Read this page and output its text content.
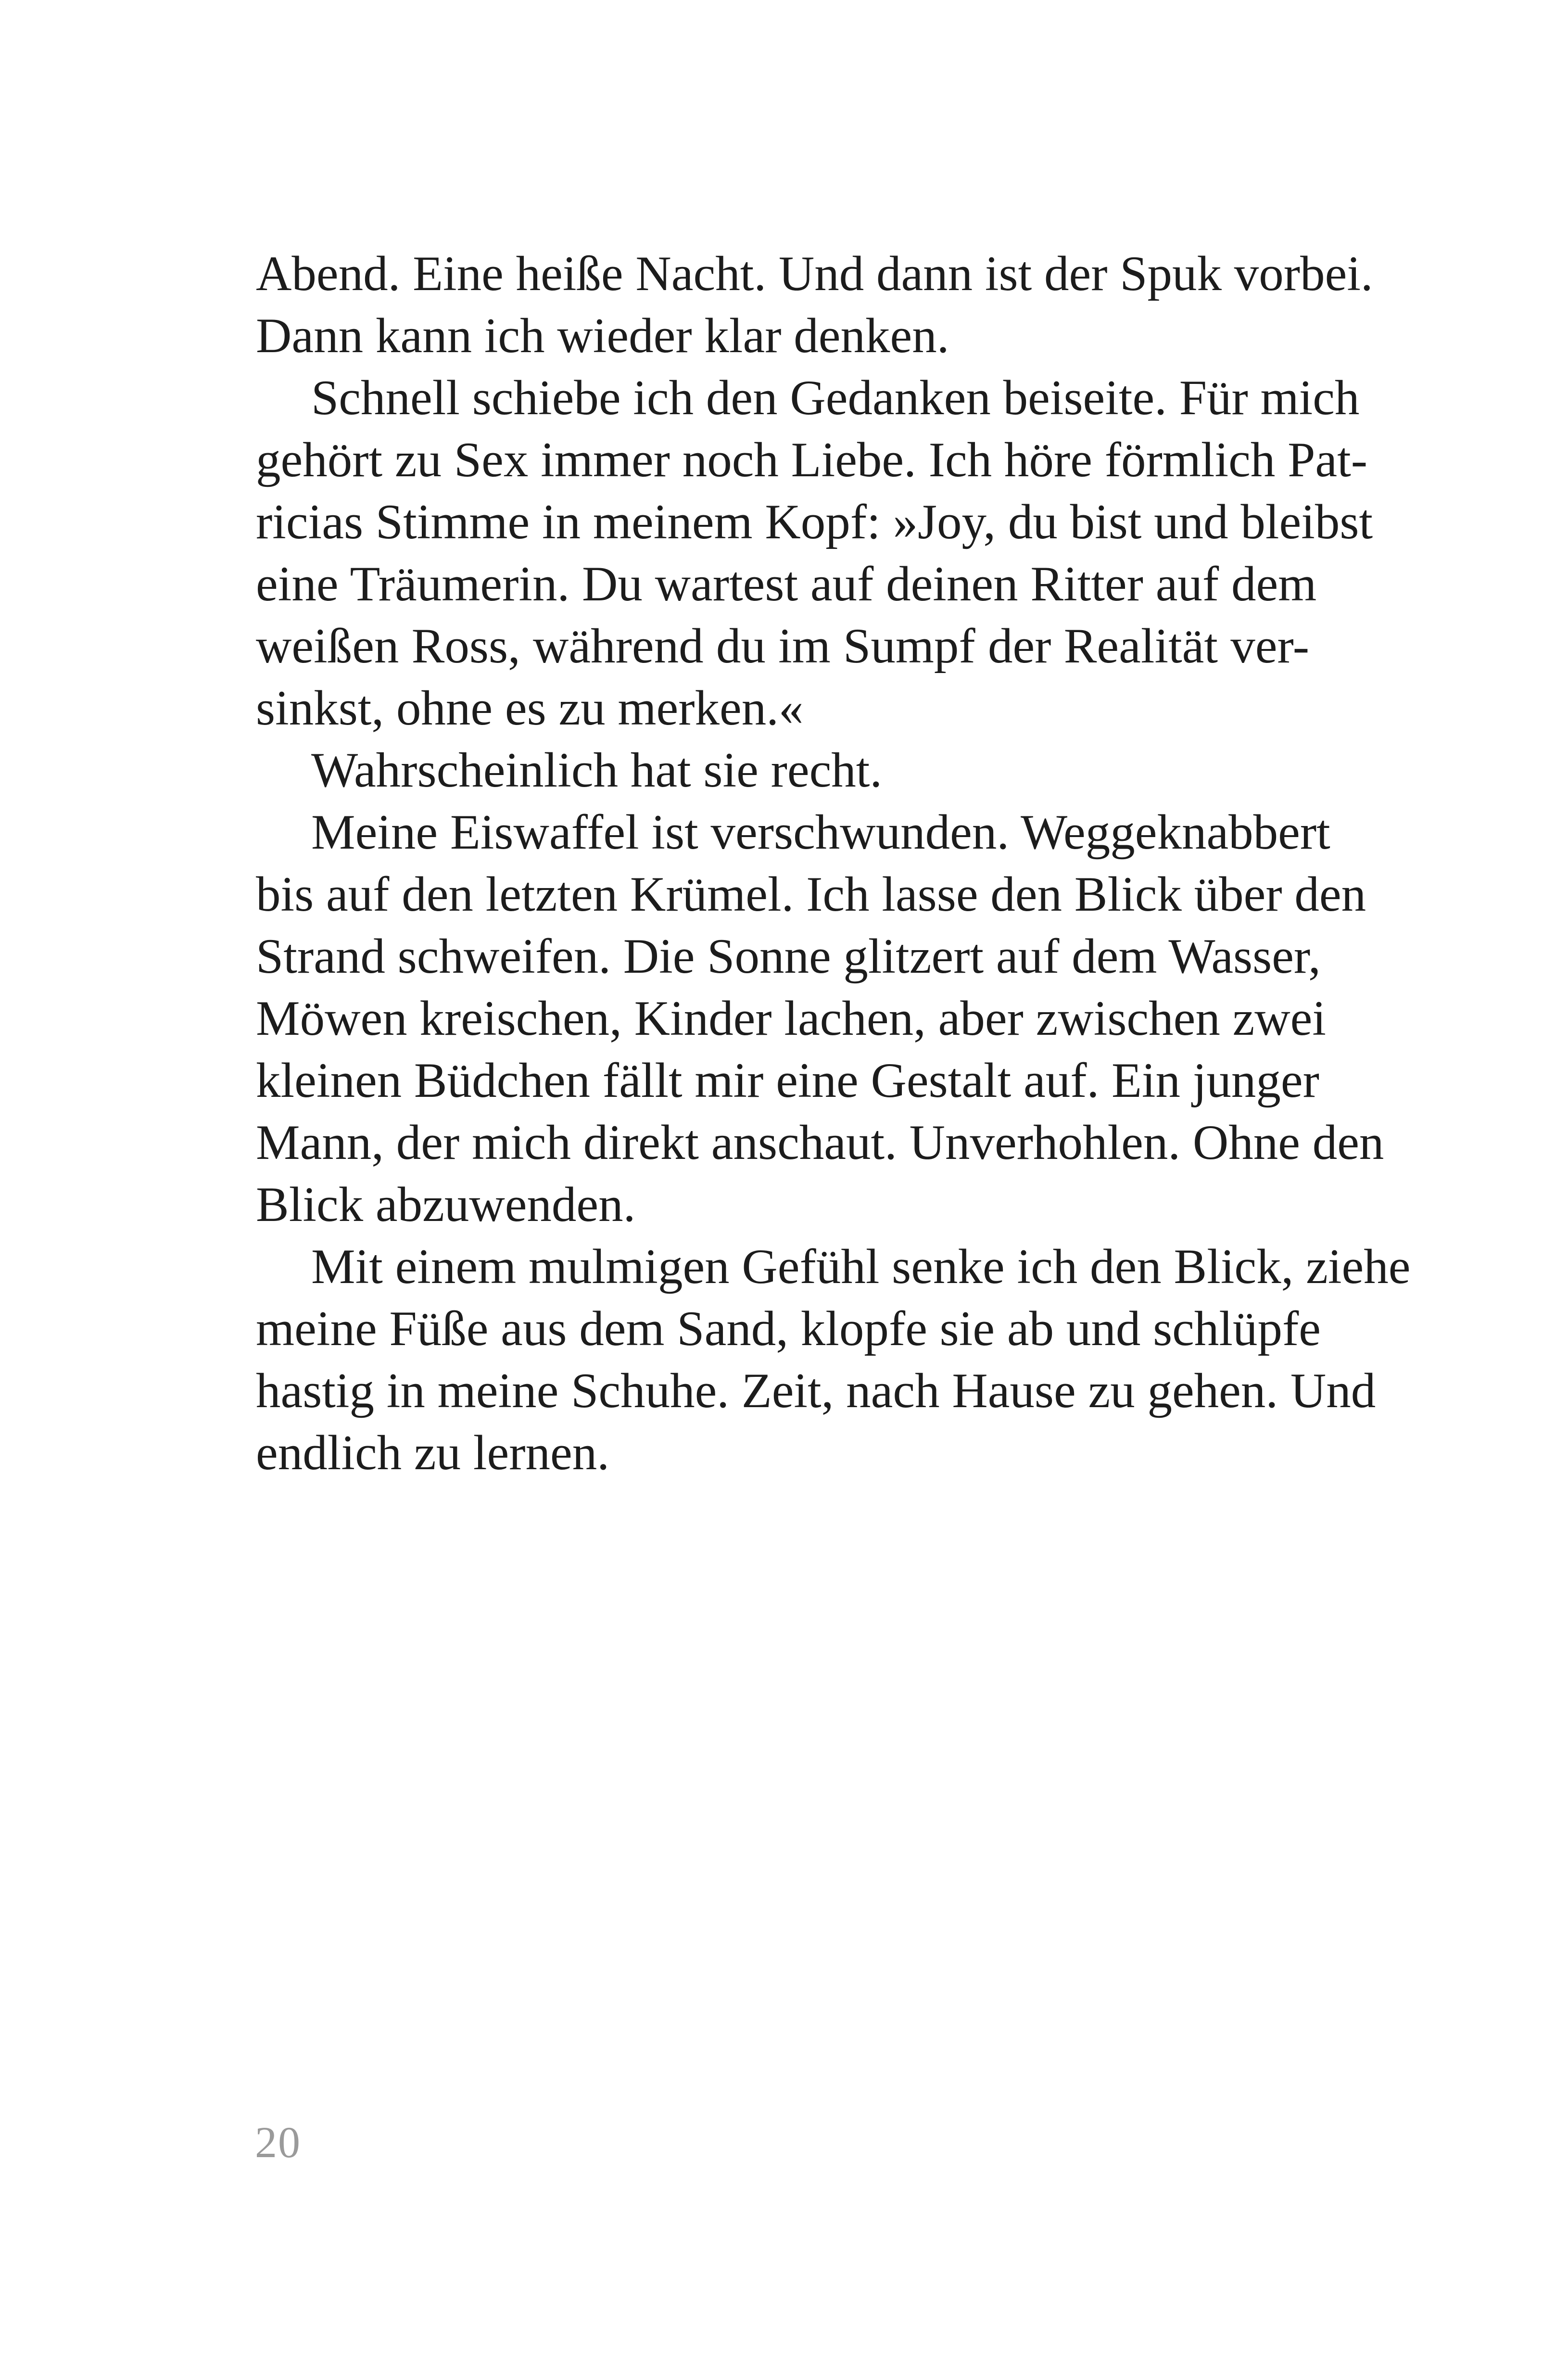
Abend. Eine heiße Nacht. Und dann ist der Spuk vorbei.
Dann kann ich wieder klar denken.
Schnell schiebe ich den Gedanken beiseite. Für mich
gehört zu Sex immer noch Liebe. Ich höre förmlich Pat-
ricias Stimme in meinem Kopf: »Joy, du bist und bleibst
eine Träumerin. Du wartest auf deinen Ritter auf dem
weißen Ross, während du im Sumpf der Realität ver-
sinkst, ohne es zu merken.«
Wahrscheinlich hat sie recht.
Meine Eiswaffel ist verschwunden. Weggeknabbert
bis auf den letzten Krümel. Ich lasse den Blick über den
Strand schweifen. Die Sonne glitzert auf dem Wasser,
Möwen kreischen, Kinder lachen, aber zwischen zwei
kleinen Büdchen fällt mir eine Gestalt auf. Ein junger
Mann, der mich direkt anschaut. Unverhohlen. Ohne den
Blick abzuwenden.
Mit einem mulmigen Gefühl senke ich den Blick, ziehe
meine Füße aus dem Sand, klopfe sie ab und schlüpfe
hastig in meine Schuhe. Zeit, nach Hause zu gehen. Und
endlich zu lernen.
20
